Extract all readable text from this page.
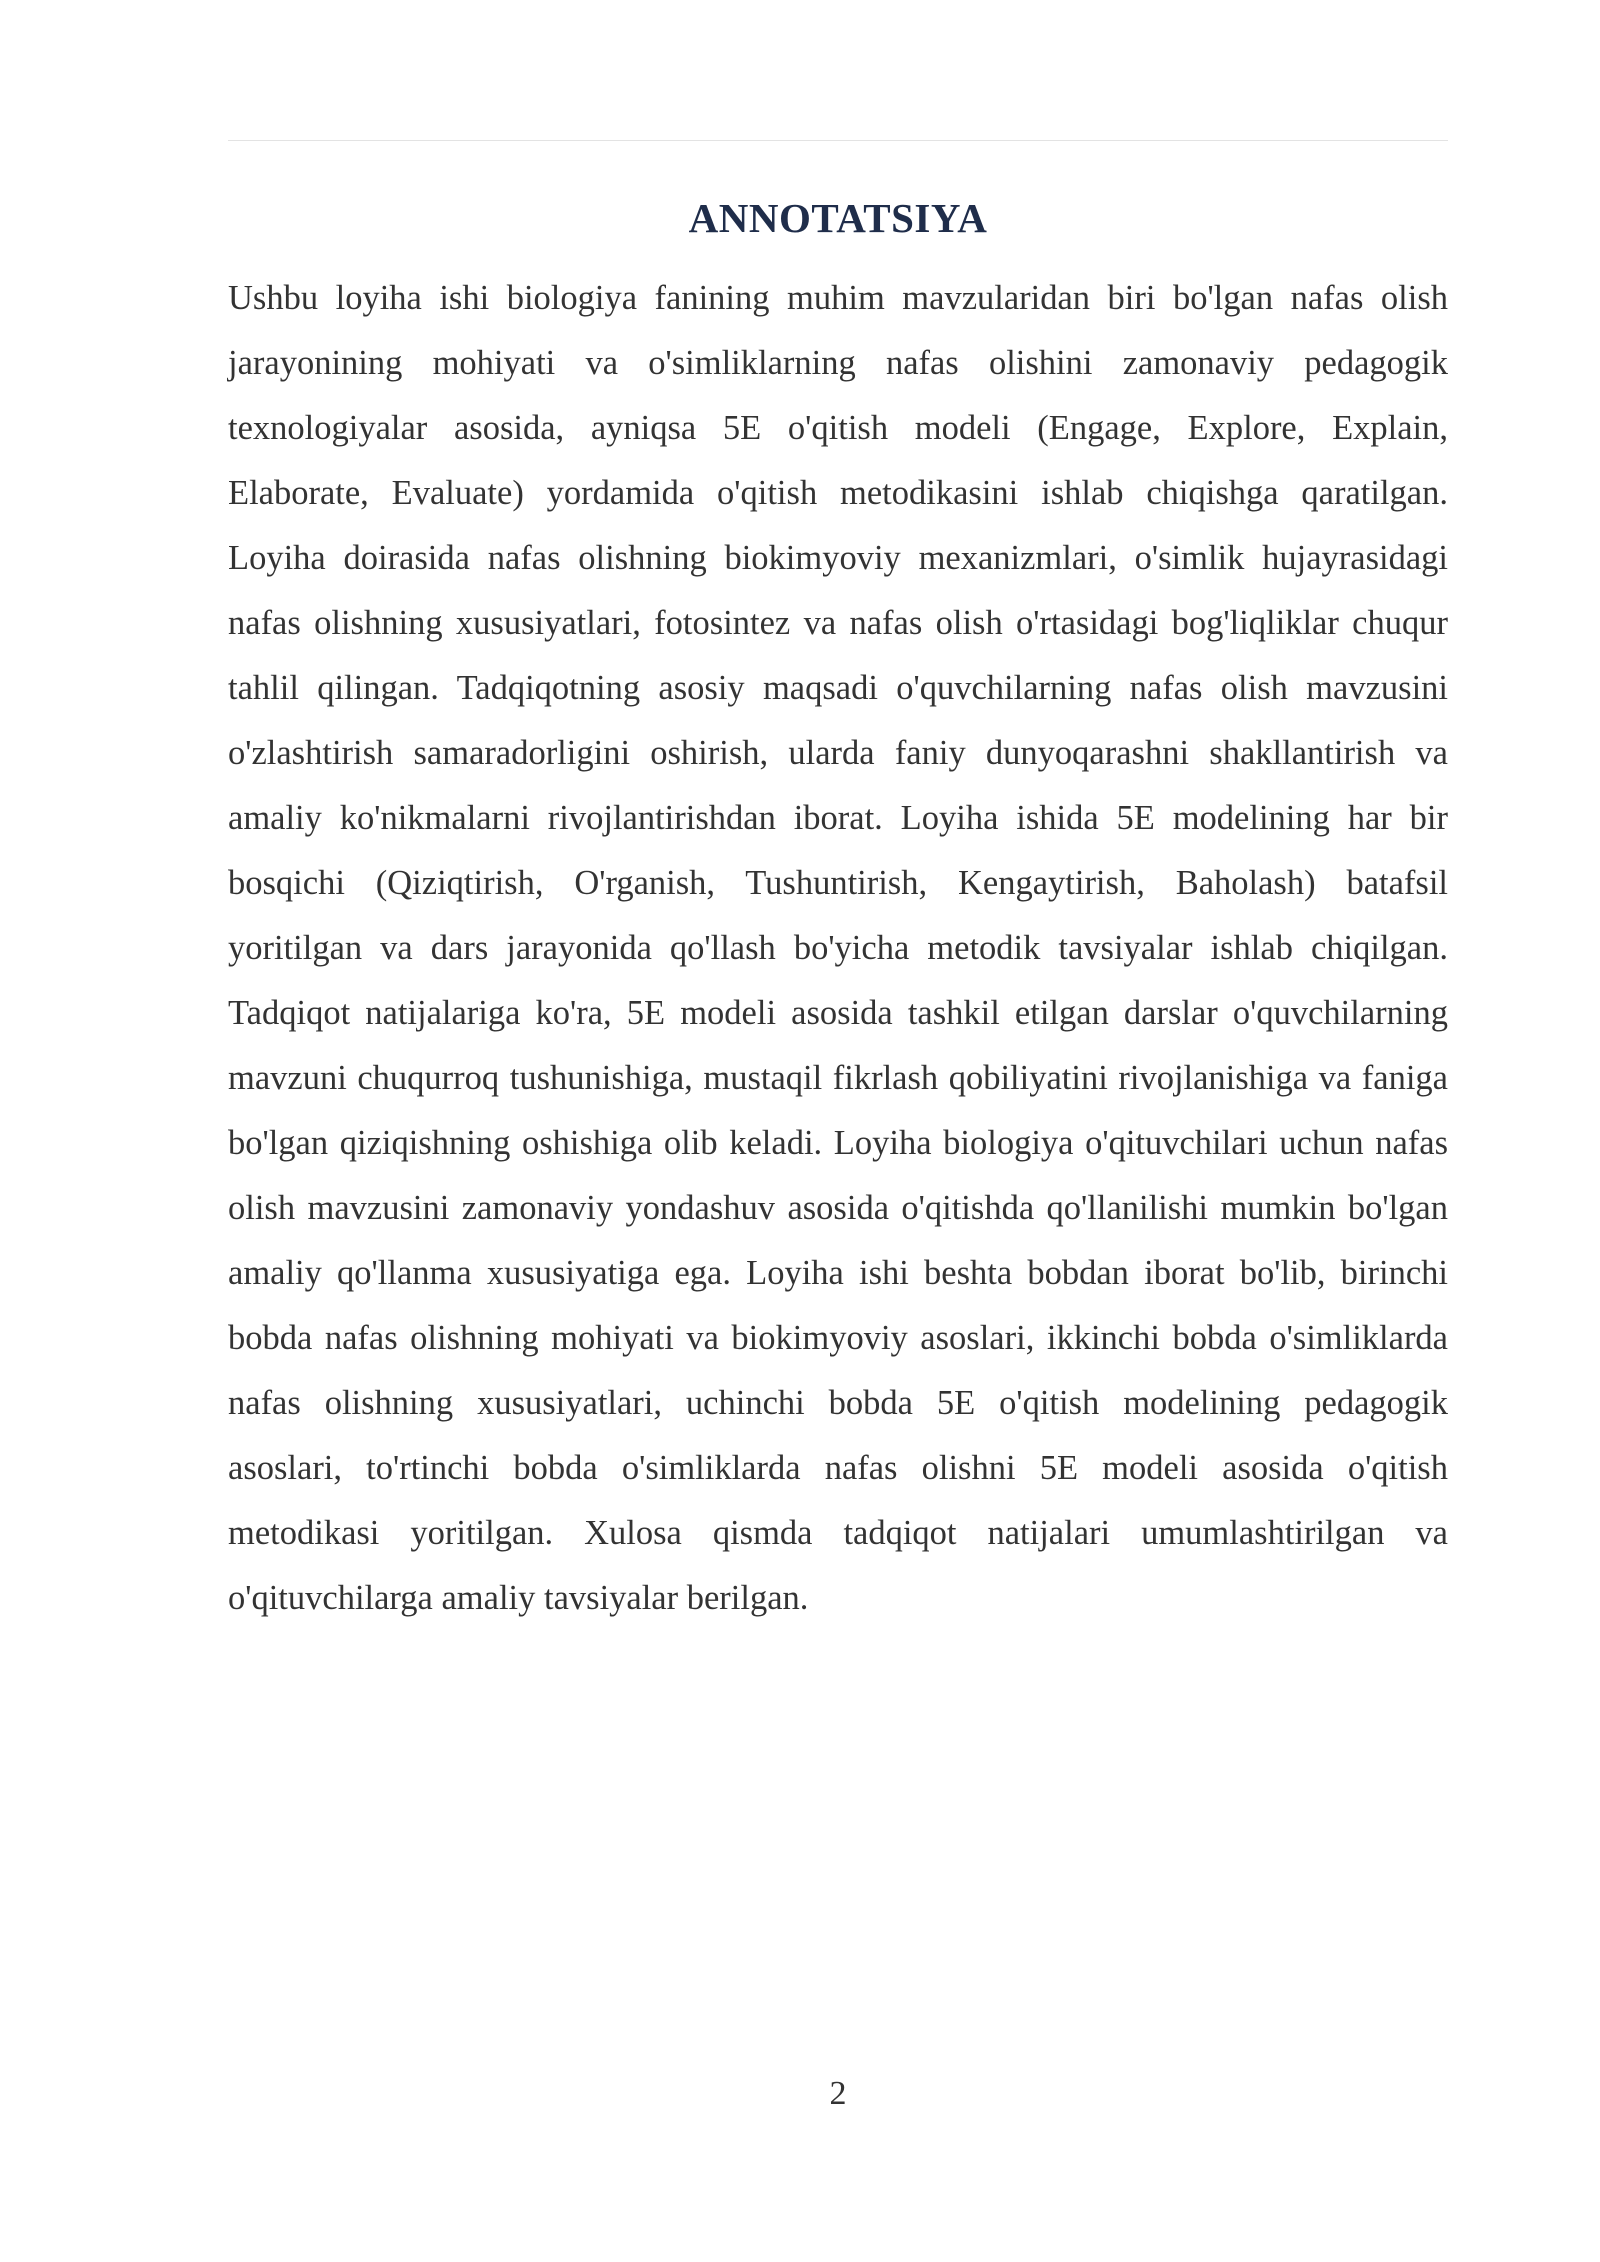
ANNOTATSIYA

Ushbu loyiha ishi biologiya fanining muhim mavzularidan biri bo'lgan nafas olish jarayonining mohiyati va o'simliklarning nafas olishini zamonaviy pedagogik texnologiyalar asosida, ayniqsa 5E o'qitish modeli (Engage, Explore, Explain, Elaborate, Evaluate) yordamida o'qitish metodikasini ishlab chiqishga qaratilgan. Loyiha doirasida nafas olishning biokimyoviy mexanizmlari, o'simlik hujayrasidagi nafas olishning xususiyatlari, fotosintez va nafas olish o'rtasidagi bog'liqliklar chuqur tahlil qilingan. Tadqiqotning asosiy maqsadi o'quvchilarning nafas olish mavzusini o'zlashtirish samaradorligini oshirish, ularda faniy dunyoqarashni shakllantirish va amaliy ko'nikmalarni rivojlantirishdan iborat. Loyiha ishida 5E modelining har bir bosqichi (Qiziqtirish, O'rganish, Tushuntirish, Kengaytirish, Baholash) batafsil yoritilgan va dars jarayonida qo'llash bo'yicha metodik tavsiyalar ishlab chiqilgan. Tadqiqot natijalariga ko'ra, 5E modeli asosida tashkil etilgan darslar o'quvchilarning mavzuni chuqurroq tushunishiga, mustaqil fikrlash qobiliyatini rivojlanishiga va faniga bo'lgan qiziqishning oshishiga olib keladi. Loyiha biologiya o'qituvchilari uchun nafas olish mavzusini zamonaviy yondashuv asosida o'qitishda qo'llanilishi mumkin bo'lgan amaliy qo'llanma xususiyatiga ega. Loyiha ishi beshta bobdan iborat bo'lib, birinchi bobda nafas olishning mohiyati va biokimyoviy asoslari, ikkinchi bobda o'simliklarda nafas olishning xususiyatlari, uchinchi bobda 5E o'qitish modelining pedagogik asoslari, to'rtinchi bobda o'simliklarda nafas olishni 5E modeli asosida o'qitish metodikasi yoritilgan. Xulosa qismda tadqiqot natijalari umumlashtirilgan va o'qituvchilarga amaliy tavsiyalar berilgan.

2
